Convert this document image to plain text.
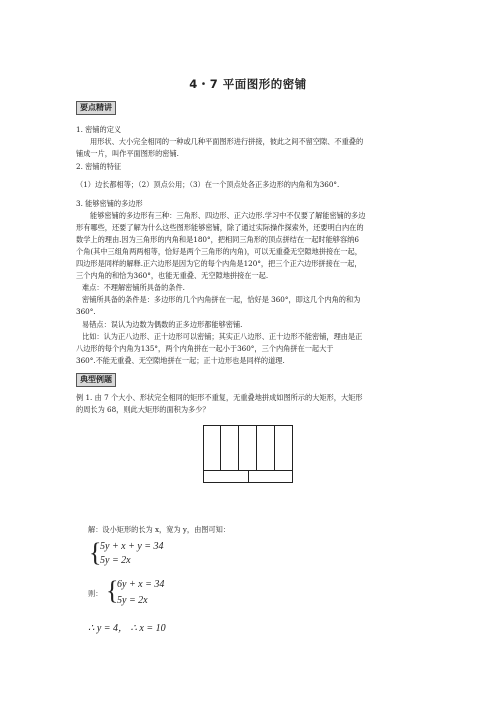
4・7 平面图形的密铺
要点精讲
1. 密铺的定义
用形状、大小完全相同的一种或几种平面图形进行拼接，彼此之间不留空隙、不重叠的
铺成一片，叫作平面图形的密铺.
2. 密铺的特征
（1）边长都相等；（2）顶点公用；（3）在一个顶点处各正多边形的内角和为360°.
3. 能够密铺的多边形
能够密铺的多边形有三种：三角形、四边形、正六边形.学习中不仅要了解能密铺的多边
形有哪些，还要了解为什么这些图形能够密铺，除了通过实际操作探索外，还要明白内在的
数学上的理由.因为三角形的内角和是180°，把相同三角形的顶点拼结在一起时能够容纳6
个角(其中三组角两两相等，恰好是两个三角形的内角)，可以无重叠无空隙地拼接在一起，
四边形是同样的解释.正六边形是因为它的每个内角是120°，把三个正六边形拼接在一起，
三个内角的和恰为360°，也能无重叠、无空隙地拼接在一起.
难点：不理解密铺所具备的条件.
密铺所具备的条件是：多边形的几个内角拼在一起，恰好是 360°，即这几个内角的和为
360°.
易错点：误认为边数为偶数的正多边形都能够密铺.
比如：认为正八边形、正十边形可以密铺；其实正八边形、正十边形不能密铺，理由是正
八边形的每个内角为135°，两个内角拼在一起小于360°，三个内角拼在一起大于
360°.不能无重叠、无空隙地拼在一起；正十边形也是同样的道理.
典型例题
例 1. 由 7 个大小、形状完全相同的矩形不重复，无重叠地拼成如图所示的大矩形，大矩形
的周长为 68，则此大矩形的面积为多少？
解：设小矩形的长为 x，宽为 y，由图可知：
{
5y + x + y = 34
5y = 2x
则： {
6y + x = 34
5y = 2x
∴ y = 4， ∴ x = 10
